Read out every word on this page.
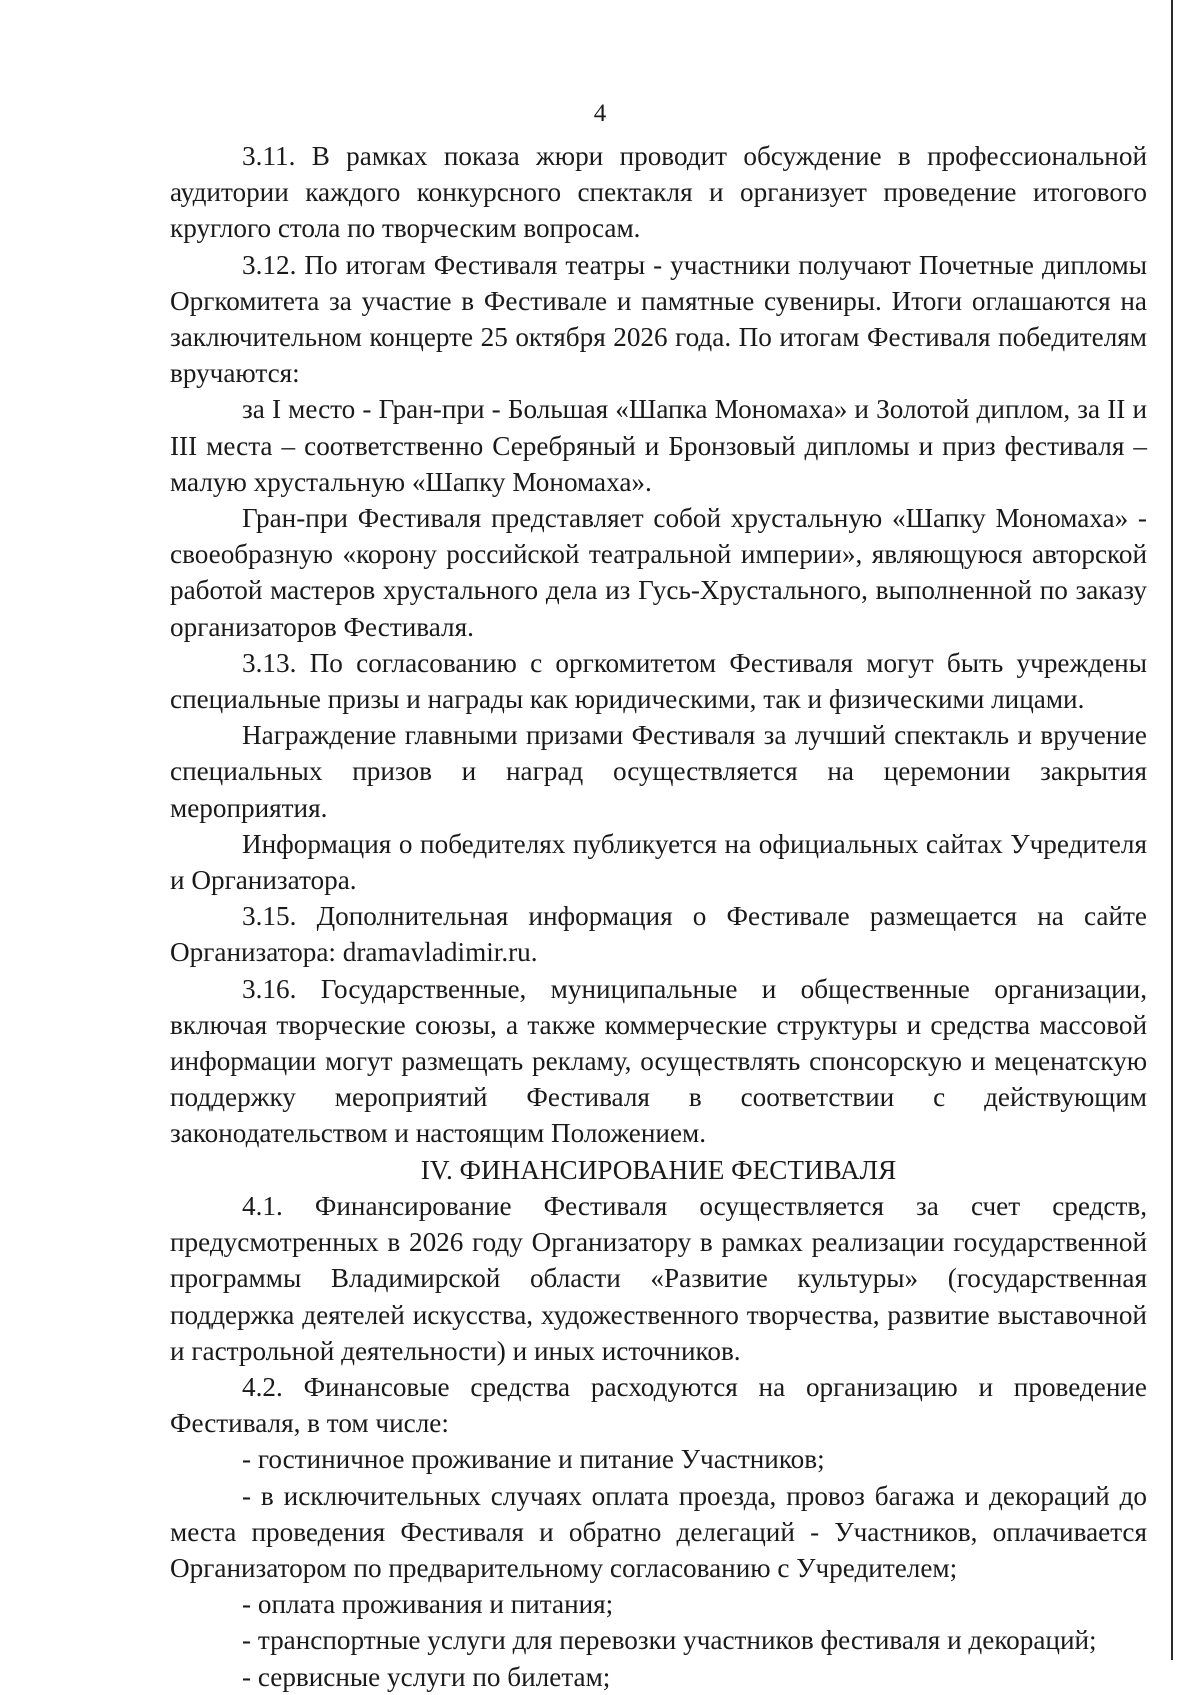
4

3.11. В рамках показа жюри проводит обсуждение в профессиональной аудитории каждого конкурсного спектакля и организует проведение итогового круглого стола по творческим вопросам.

3.12. По итогам Фестиваля театры - участники получают Почетные дипломы Оргкомитета за участие в Фестивале и памятные сувениры. Итоги оглашаются на заключительном концерте 25 октября 2026 года. По итогам Фестиваля победителям вручаются:

за I место - Гран-при - Большая «Шапка Мономаха» и Золотой диплом, за II и III места – соответственно Серебряный и Бронзовый дипломы и приз фестиваля – малую хрустальную «Шапку Мономаха».

Гран-при Фестиваля представляет собой хрустальную «Шапку Мономаха» - своеобразную «корону российской театральной империи», являющуюся авторской работой мастеров хрустального дела из Гусь-Хрустального, выполненной по заказу организаторов Фестиваля.

3.13. По согласованию с оргкомитетом Фестиваля могут быть учреждены специальные призы и награды как юридическими, так и физическими лицами.

Награждение главными призами Фестиваля за лучший спектакль и вручение специальных призов и наград осуществляется на церемонии закрытия мероприятия.

Информация о победителях публикуется на официальных сайтах Учредителя и Организатора.

3.15. Дополнительная информация о Фестивале размещается на сайте Организатора: dramavladimir.ru.

3.16. Государственные, муниципальные и общественные организации, включая творческие союзы, а также коммерческие структуры и средства массовой информации могут размещать рекламу, осуществлять спонсорскую и меценатскую поддержку мероприятий Фестиваля в соответствии с действующим законодательством и настоящим Положением.

IV. ФИНАНСИРОВАНИЕ ФЕСТИВАЛЯ

4.1. Финансирование Фестиваля осуществляется за счет средств, предусмотренных в 2026 году Организатору в рамках реализации государственной программы Владимирской области «Развитие культуры» (государственная поддержка деятелей искусства, художественного творчества, развитие выставочной и гастрольной деятельности) и иных источников.

4.2. Финансовые средства расходуются на организацию и проведение Фестиваля, в том числе:

- гостиничное проживание и питание Участников;

- в исключительных случаях оплата проезда, провоз багажа и декораций до места проведения Фестиваля и обратно делегаций - Участников, оплачивается Организатором по предварительному согласованию с Учредителем;

- оплата проживания и питания;

- транспортные услуги для перевозки участников фестиваля и декораций;

- сервисные услуги по билетам;
